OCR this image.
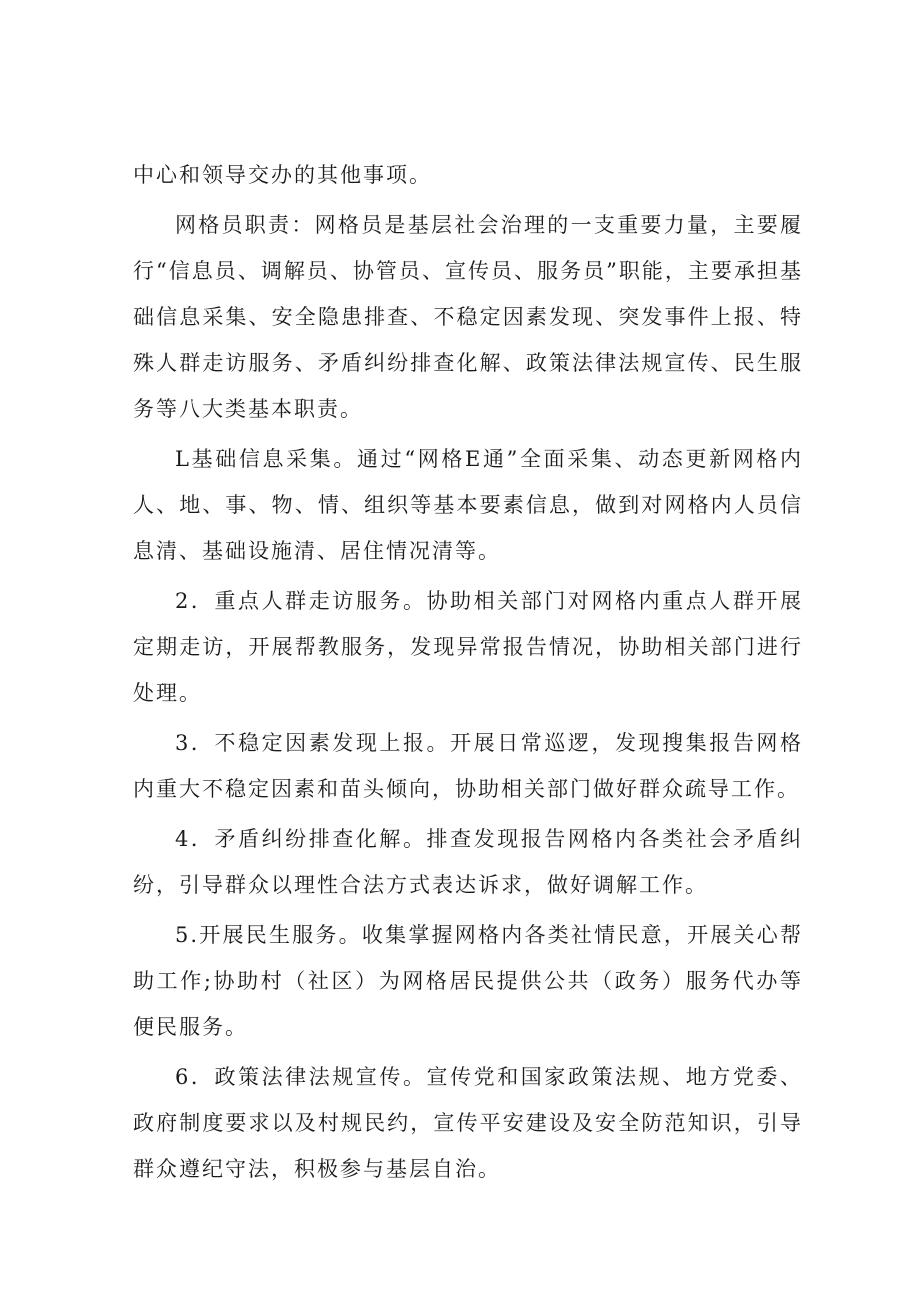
中心和领导交办的其他事项。

网格员职责：网格员是基层社会治理的一支重要力量，主要履行“信息员、调解员、协管员、宣传员、服务员”职能，主要承担基础信息采集、安全隐患排查、不稳定因素发现、突发事件上报、特殊人群走访服务、矛盾纠纷排查化解、政策法律法规宣传、民生服务等八大类基本职责。

L基础信息采集。通过“网格E通”全面采集、动态更新网格内人、地、事、物、情、组织等基本要素信息，做到对网格内人员信息清、基础设施清、居住情况清等。

2．重点人群走访服务。协助相关部门对网格内重点人群开展定期走访，开展帮教服务，发现异常报告情况，协助相关部门进行处理。

3．不稳定因素发现上报。开展日常巡逻，发现搜集报告网格内重大不稳定因素和苗头倾向，协助相关部门做好群众疏导工作。

4．矛盾纠纷排查化解。排查发现报告网格内各类社会矛盾纠纷，引导群众以理性合法方式表达诉求，做好调解工作。

5.开展民生服务。收集掌握网格内各类社情民意，开展关心帮助工作;协助村（社区）为网格居民提供公共（政务）服务代办等便民服务。

6．政策法律法规宣传。宣传党和国家政策法规、地方党委、政府制度要求以及村规民约，宣传平安建设及安全防范知识，引导群众遵纪守法，积极参与基层自治。
